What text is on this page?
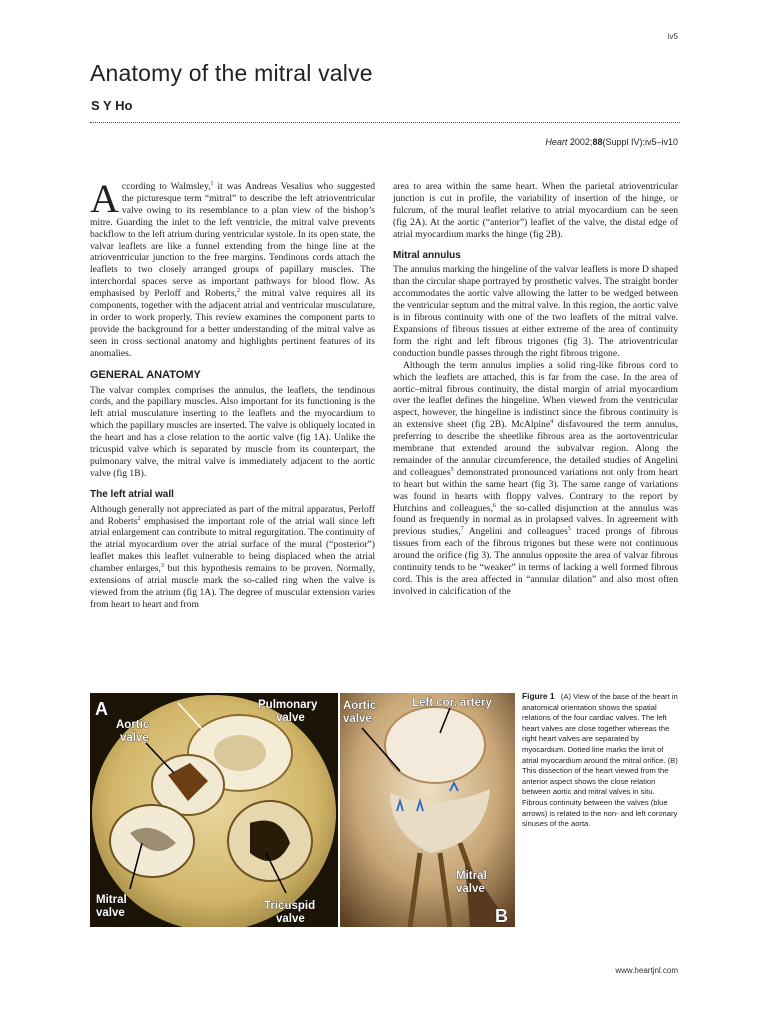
iv5
Anatomy of the mitral valve
S Y Ho
Heart 2002;88(Suppl IV):iv5–iv10

According to Walmsley,$^1$ it was Andreas Vesalius who suggested the picturesque term “mitral” to describe the left atrioventricular valve owing to its resemblance to a plan view of the bishop’s mitre. Guarding the inlet to the left ventricle, the mitral valve prevents backflow to the left atrium during ventricular systole. In its open state, the valvar leaflets are like a funnel extending from the hinge line at the atrioventricular junction to the free margins. Tendinous cords attach the leaflets to two closely arranged groups of papillary muscles. The interchordal spaces serve as important pathways for blood flow. As emphasised by Perloff and Roberts,$^2$ the mitral valve requires all its components, together with the adjacent atrial and ventricular musculature, in order to work properly. This review examines the component parts to provide the background for a better understanding of the mitral valve as seen in cross sectional anatomy and highlights pertinent features of its anomalies.

GENERAL ANATOMY

The valvar complex comprises the annulus, the leaflets, the tendinous cords, and the papillary muscles. Also important for its functioning is the left atrial musculature inserting to the leaflets and the myocardium to which the papillary muscles are inserted. The valve is obliquely located in the heart and has a close relation to the aortic valve (fig 1A). Unlike the tricuspid valve which is separated by muscle from its counterpart, the pulmonary valve, the mitral valve is immediately adjacent to the aortic valve (fig 1B).

The left atrial wall

Although generally not appreciated as part of the mitral apparatus, Perloff and Roberts$^2$ emphasised the important role of the atrial wall since left atrial enlargement can contribute to mitral regurgitation. The continuity of the atrial myocardium over the atrial surface of the mural (“posterior”) leaflet makes this leaflet vulnerable to being displaced when the atrial chamber enlarges,$^3$ but this hypothesis remains to be proven. Normally, extensions of atrial muscle mark the so-called ring when the valve is viewed from the atrium (fig 1A). The degree of muscular extension varies from heart to heart and from

area to area within the same heart. When the parietal atrioventricular junction is cut in profile, the variability of insertion of the hinge, or fulcrum, of the mural leaflet relative to atrial myocardium can be seen (fig 2A). At the aortic (“anterior”) leaflet of the valve, the distal edge of atrial myocardium marks the hinge (fig 2B).

Mitral annulus

The annulus marking the hingeline of the valvar leaflets is more D shaped than the circular shape portrayed by prosthetic valves. The straight border accommodates the aortic valve allowing the latter to be wedged between the ventricular septum and the mitral valve. In this region, the aortic valve is in fibrous continuity with one of the two leaflets of the mitral valve. Expansions of fibrous tissues at either extreme of the area of continuity form the right and left fibrous trigones (fig 3). The atrioventricular conduction bundle passes through the right fibrous trigone.

Although the term annulus implies a solid ring-like fibrous cord to which the leaflets are attached, this is far from the case. In the area of aortic–mitral fibrous continuity, the distal margin of atrial myocardium over the leaflet defines the hingeline. When viewed from the ventricular aspect, however, the hingeline is indistinct since the fibrous continuity is an extensive sheet (fig 2B). McAlpine$^4$ disfavoured the term annulus, preferring to describe the sheetlike fibrous area as the aortoventricular membrane that extended around the subvalvar region. Along the remainder of the annular circumference, the detailed studies of Angelini and colleagues$^5$ demonstrated pronounced variations not only from heart to heart but within the same heart (fig 3). The same range of variations was found in hearts with floppy valves. Contrary to the report by Hutchins and colleagues,$^6$ the so-called disjunction at the annulus was found as frequently in normal as in prolapsed valves. In agreement with previous studies,$^7$ Angelini and colleagues$^5$ traced prongs of fibrous tissues from each of the fibrous trigones but these were not continuous around the orifice (fig 3). The annulus opposite the area of valvar fibrous continuity tends to be “weaker” in terms of lacking a well formed fibrous cord. This is the area affected in “annular dilation” and also most often involved in calcification of the

A	Pulmonary
valve
Aortic
valve
Mitral
valve
Tricuspid
valve
Aortic
valve
Left cor. artery
Mitral
valve
B
Figure 1 (A) View of the base of the heart in anatomical orientation shows the spatial relations of the four cardiac valves. The left heart valves are close together whereas the right heart valves are separated by myocardium. Dotted line marks the limit of atrial myocardium around the mitral orifice. (B) This dissection of the heart viewed from the anterior aspect shows the close relation between aortic and mitral valves in situ. Fibrous continuity between the valves (blue arrows) is related to the non- and left coronary sinuses of the aorta.
www.heartjnl.com
